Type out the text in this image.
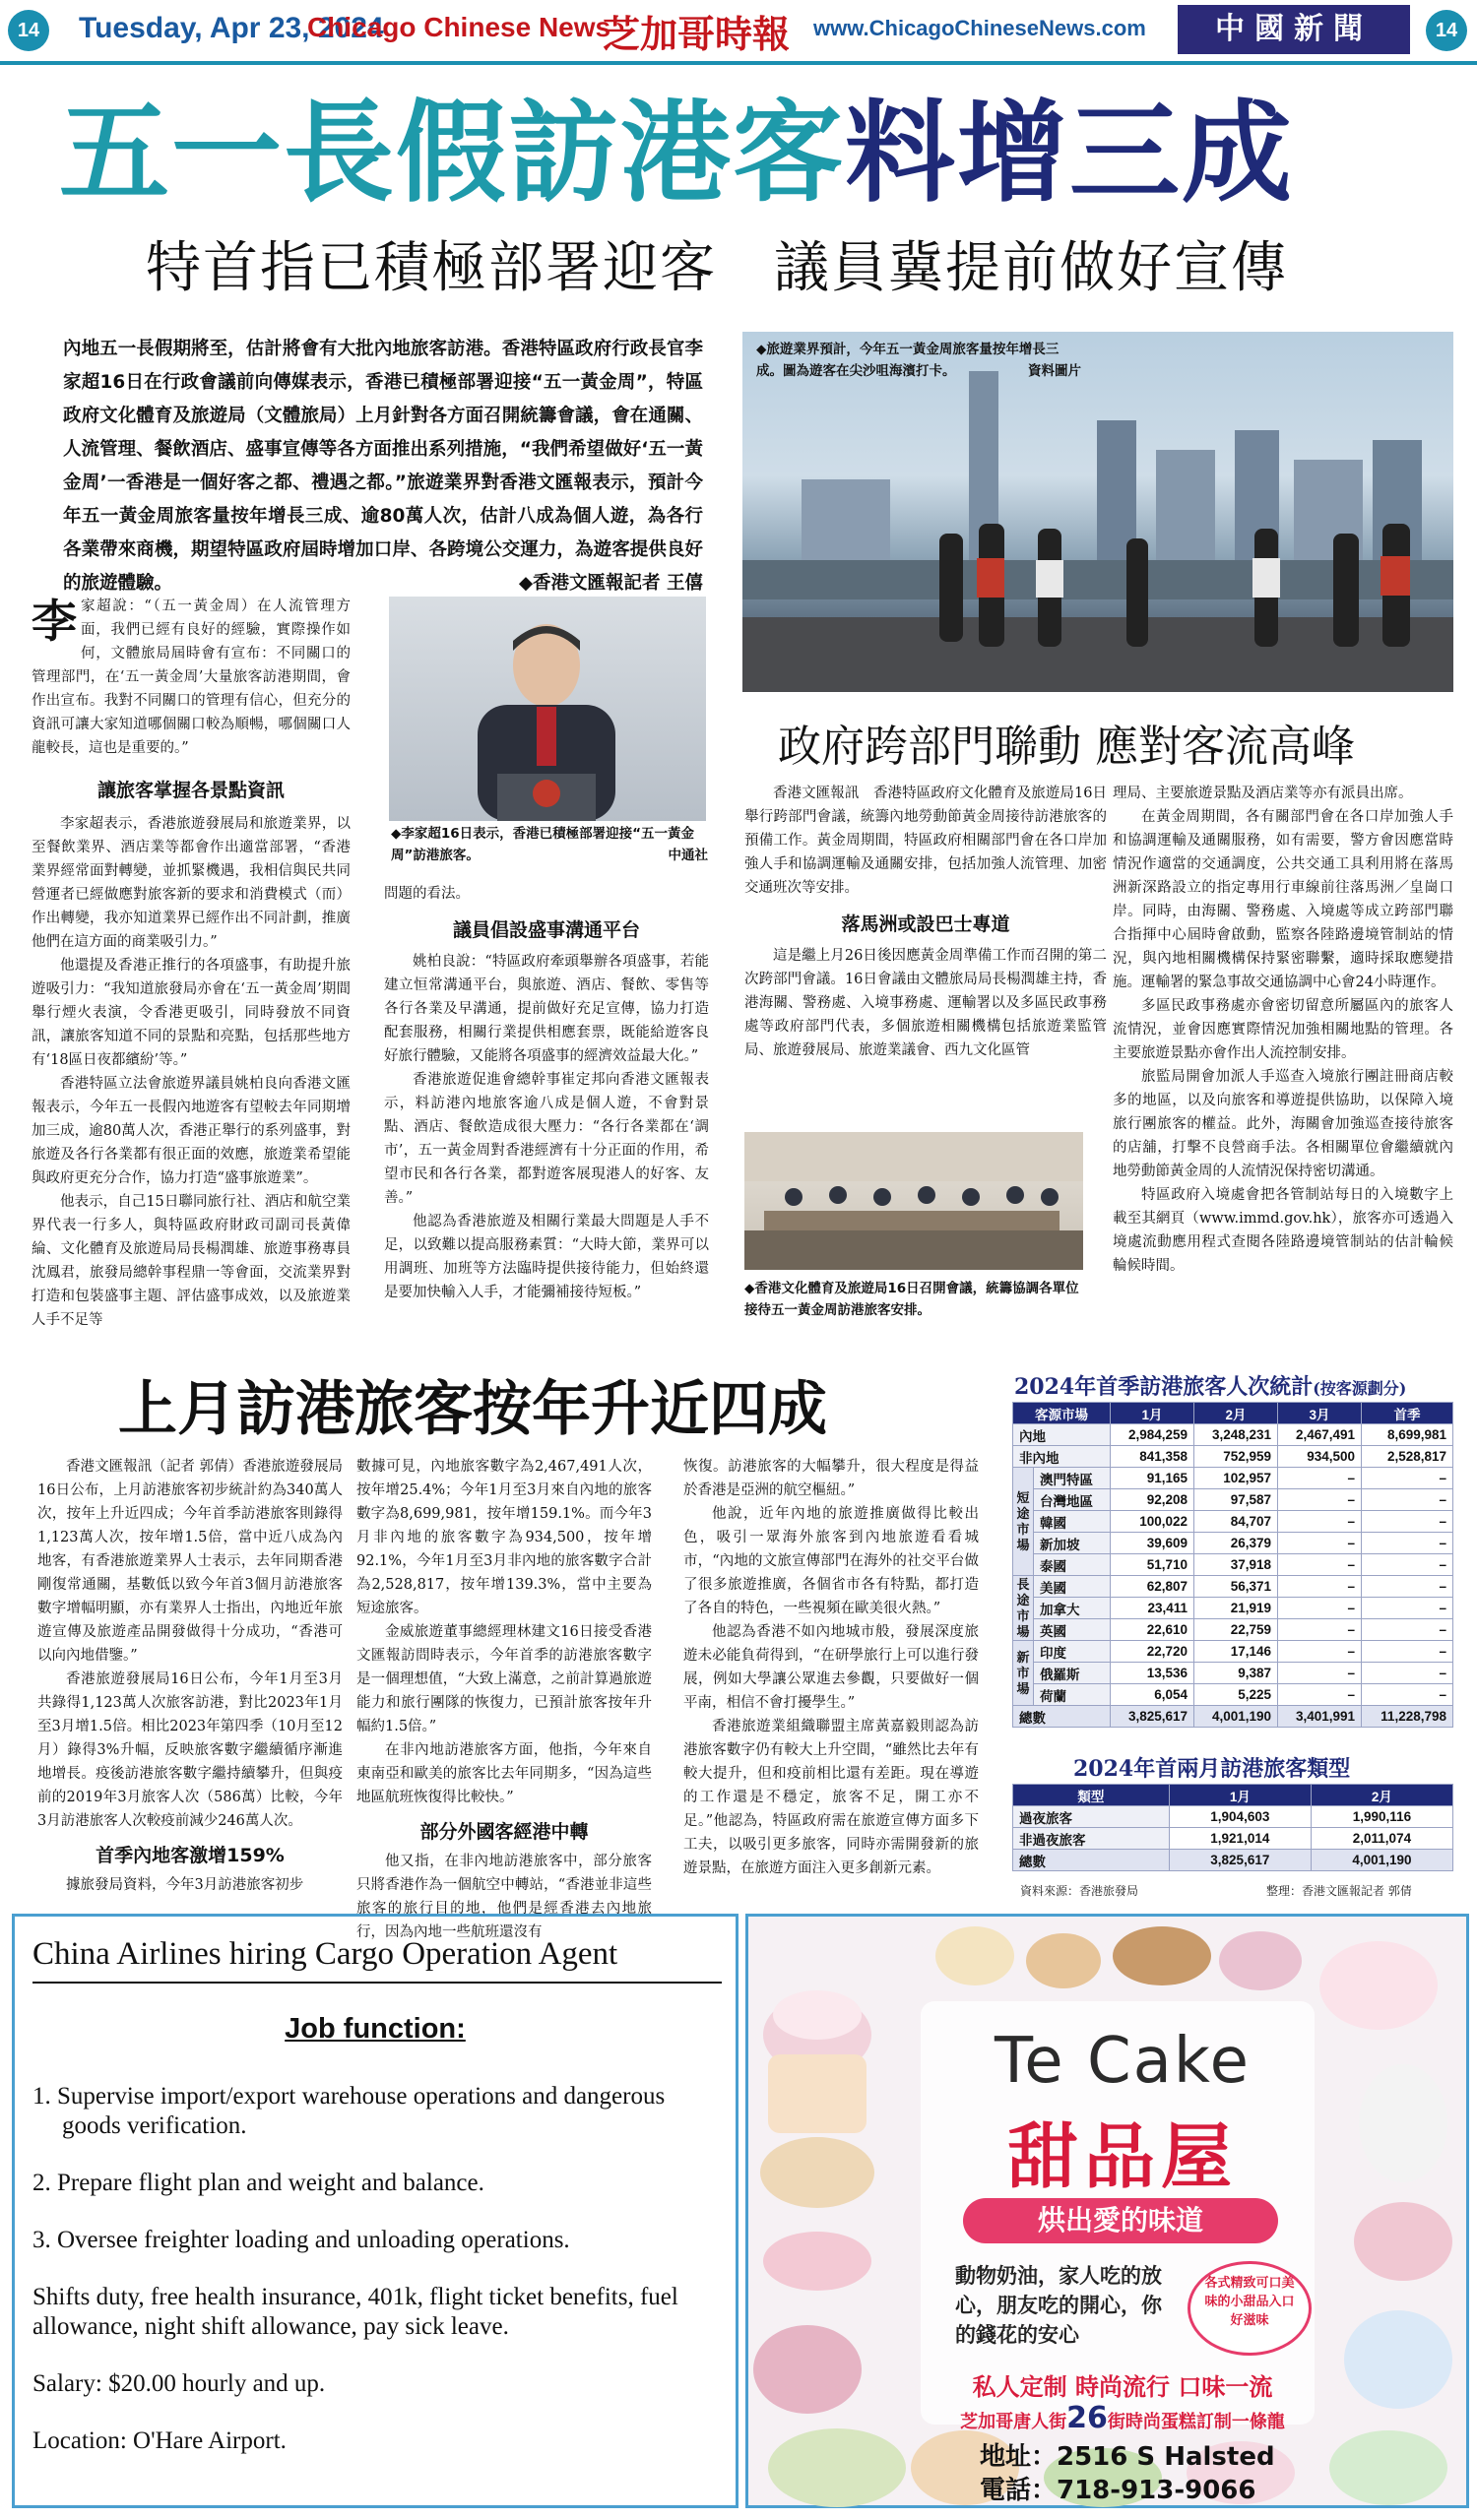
14	Tuesday, Apr 23, 2024
Chicago Chinese News
芝加哥時報 www.ChicagoChineseNews.com	中國新聞	14
五一長假訪港客料增三成
特首指已積極部署迎客　議員冀提前做好宣傳
內地五一長假期將至，估計將會有大批內地旅客訪港。香港特區政府行政長官李家超16日在行政會議前向傳媒表示，香港已積極部署迎接“五一黃金周”，特區政府文化體育及旅遊局（文體旅局）上月針對各方面召開統籌會議，會在通關、人流管理、餐飲酒店、盛事宣傳等各方面推出系列措施，“我們希望做好‘五一黃金周’一香港是一個好客之都、禮遇之都。”旅遊業界對香港文匯報表示，預計今年五一黃金周旅客量按年增長三成、逾80萬人次，估計八成為個人遊，為各行各業帶來商機，期望特區政府屆時增加口岸、各跨境公交運力，為遊客提供良好的旅遊體驗。	◆香港文匯報記者 王僖
◆旅遊業界預計，今年五一黃金周旅客量按年增長三成。圖為遊客在尖沙咀海濱打卡。	資料圖片
李家超說：“（五一黃金周）在人流管理方面，我們已經有良好的經驗，實際操作如何，文體旅局屆時會有宣布：不同關口的管理部門，在‘五一黃金周’大量旅客訪港期間，會作出宣布。我對不同關口的管理有信心，但充分的資訊可讓大家知道哪個關口較為順暢，哪個關口人龍較長，這也是重要的。”
讓旅客掌握各景點資訊

李家超表示，香港旅遊發展局和旅遊業界，以至餐飲業界、酒店業等都會作出適當部署，“香港業界經常面對轉變，並抓緊機遇，我相信與民共同營運者已經做應對旅客新的要求和消費模式（而）作出轉變，我亦知道業界已經作出不同計劃，推廣他們在這方面的商業吸引力。”

他還提及香港正推行的各項盛事，有助提升旅遊吸引力：“我知道旅發局亦會在‘五一黃金周’期間舉行煙火表演，令香港更吸引，同時發放不同資訊，讓旅客知道不同的景點和亮點，包括那些地方有‘18區日夜都繽紛’等。”

香港特區立法會旅遊界議員姚柏良向香港文匯報表示，今年五一長假內地遊客有望較去年同期增加三成，逾80萬人次，香港正舉行的系列盛事，對旅遊及各行各業都有很正面的效應，旅遊業希望能與政府更充分合作，協力打造“盛事旅遊業”。

他表示，自己15日聯同旅行社、酒店和航空業界代表一行多人，與特區政府財政司副司長黃偉綸、文化體育及旅遊局局長楊潤雄、旅遊事務專員沈鳳君，旅發局總幹事程鼎一等會面，交流業界對打造和包裝盛事主題、評估盛事成效，以及旅遊業人手不足等

◆李家超16日表示，香港已積極部署迎接“五一黃金周”訪港旅客。	中通社
問題的看法。
議員倡設盛事溝通平台

姚柏良說：“特區政府牽頭舉辦各項盛事，若能建立恒常溝通平台，與旅遊、酒店、餐飲、零售等各行各業及早溝通，提前做好充足宣傳，協力打造配套服務，相關行業提供相應套票，既能給遊客良好旅行體驗，又能將各項盛事的經濟效益最大化。”

香港旅遊促進會總幹事崔定邦向香港文匯報表示，料訪港內地旅客逾八成是個人遊，不會對景點、酒店、餐飲造成很大壓力：“各行各業都在‘調市’，五一黃金周對香港經濟有十分正面的作用，希望市民和各行各業，都對遊客展現港人的好客、友善。”

他認為香港旅遊及相關行業最大問題是人手不足，以致難以提高服務素質：“大時大節，業界可以用調班、加班等方法臨時提供接待能力，但始終還是要加快輸入人手，才能彌補接待短板。”

政府跨部門聯動 應對客流高峰

香港文匯報訊　香港特區政府文化體育及旅遊局16日舉行跨部門會議，統籌內地勞動節黃金周接待訪港旅客的預備工作。黃金周期間，特區政府相關部門會在各口岸加強人手和協調運輸及通關安排，包括加強人流管理、加密交通班次等安排。

落馬洲或設巴士專道

這是繼上月26日後因應黃金周準備工作而召開的第二次跨部門會議。16日會議由文體旅局局長楊潤雄主持，香港海關、警務處、入境事務處、運輸署以及多區民政事務處等政府部門代表，多個旅遊相關機構包括旅遊業監管局、旅遊發展局、旅遊業議會、西九文化區管

◆香港文化體育及旅遊局16日召開會議，統籌協調各單位接待五一黃金周訪港旅客安排。
理局、主要旅遊景點及酒店業等亦有派員出席。

在黃金周期間，各有關部門會在各口岸加強人手和協調運輸及通關服務，如有需要，警方會因應當時情況作適當的交通調度，公共交通工具利用將在落馬洲新深路設立的指定專用行車線前往落馬洲／皇崗口岸。同時，由海關、警務處、入境處等成立跨部門聯合指揮中心屆時會啟動，監察各陸路邊境管制站的情況，與內地相關機構保持緊密聯繫，適時採取應變措施。運輸署的緊急事故交通協調中心會24小時運作。

多區民政事務處亦會密切留意所屬區內的旅客人流情況，並會因應實際情況加強相關地點的管理。各主要旅遊景點亦會作出人流控制安排。

旅監局開會加派人手巡查入境旅行團註冊商店較多的地區，以及向旅客和導遊提供協助，以保障入境旅行團旅客的權益。此外，海關會加強巡查接待旅客的店舖，打擊不良營商手法。各相關單位會繼續就內地勞動節黃金周的人流情況保持密切溝通。

特區政府入境處會把各管制站每日的入境數字上載至其網頁（www.immd.gov.hk），旅客亦可透過入境處流動應用程式查閱各陸路邊境管制站的估計輪候輪候時間。

上月訪港旅客按年升近四成

香港文匯報訊（記者 郭倩）香港旅遊發展局16日公布，上月訪港旅客初步統計約為340萬人次，按年上升近四成；今年首季訪港旅客則錄得1,123萬人次，按年增1.5倍，當中近八成為內地客，有香港旅遊業界人士表示，去年同期香港剛復常通關，基數低以致今年首3個月訪港旅客數字增幅明顯，亦有業界人士指出，內地近年旅遊宣傳及旅遊產品開發做得十分成功，“香港可以向內地借鑒。”

香港旅遊發展局16日公布，今年1月至3月共錄得1,123萬人次旅客訪港，對比2023年1月至3月增1.5倍。相比2023年第四季（10月至12月）錄得3%升幅，反映旅客數字繼續循序漸進地增長。疫後訪港旅客數字繼持續攀升，但與疫前的2019年3月旅客人次（586萬）比較，今年3月訪港旅客人次較疫前減少246萬人次。

首季內地客激增159%

據旅發局資料，今年3月訪港旅客初步

數據可見，內地旅客數字為2,467,491人次，按年增25.4%；今年1月至3月來自內地的旅客數字為8,699,981，按年增159.1%。而今年3月非內地的旅客數字為934,500，按年增92.1%，今年1月至3月非內地的旅客數字合計為2,528,817，按年增139.3%，當中主要為短途旅客。

金威旅遊董事總經理林建文16日接受香港文匯報訪問時表示，今年首季的訪港旅客數字是一個理想值，“大致上滿意，之前計算過旅遊能力和旅行團隊的恢復力，已預計旅客按年升幅約1.5倍。”

在非內地訪港旅客方面，他指，今年來自東南亞和歐美的旅客比去年同期多，“因為這些地區航班恢復得比較快。”

部分外國客經港中轉

他又指，在非內地訪港旅客中，部分旅客只將香港作為一個航空中轉站，“香港並非這些旅客的旅行目的地，他們是經香港去內地旅行，因為內地一些航班還沒有

恢復。訪港旅客的大幅攀升，很大程度是得益於香港是亞洲的航空樞紐。”

他說，近年內地的旅遊推廣做得比較出色，吸引一眾海外旅客到內地旅遊看看城市，“內地的文旅宣傳部門在海外的社交平台做了很多旅遊推廣，各個省市各有特點，都打造了各自的特色，一些視頻在歐美很火熱。”

他認為香港不如內地城市般，發展深度旅遊未必能負荷得到，“在研學旅行上可以進行發展，例如大學讓公眾進去參觀，只要做好一個平南，相信不會打擾學生。”

香港旅遊業組織聯盟主席黃嘉毅則認為訪港旅客數字仍有較大上升空間，“雖然比去年有較大提升，但和疫前相比還有差距。現在導遊的工作還是不穩定，旅客不足，開工亦不足。”他認為，特區政府需在旅遊宣傳方面多下工夫，以吸引更多旅客，同時亦需開發新的旅遊景點，在旅遊方面注入更多創新元素。

2024年首季訪港旅客人次統計(按客源劃分)
客源市場		1月	2月	3月	首季
內地		2,984,259	3,248,231	2,467,491	8,699,981
非內地		841,358	752,959	934,500	2,528,817
短途市場	澳門特區	91,165	102,957	–	–
	台灣地區	92,208	97,587	–	–
	韓國	100,022	84,707	–	–
	新加坡	39,609	26,379	–	–
	泰國	51,710	37,918	–	–
長途市場	美國	62,807	56,371	–	–
	加拿大	23,411	21,919	–	–
	英國	22,610	22,759	–	–
新市場	印度	22,720	17,146	–	–
	俄羅斯	13,536	9,387	–	–
	荷蘭	6,054	5,225	–	–
總數		3,825,617	4,001,190	3,401,991	11,228,798
2024年首兩月訪港旅客類型
類型	1月	2月
過夜旅客	1,904,603	1,990,116
非過夜旅客	1,921,014	2,011,074
總數	3,825,617	4,001,190
資料來源：香港旅發局	整理：香港文匯報記者 郭倩
China Airlines hiring Cargo Operation Agent
Job function:
1. Supervise import/export warehouse operations and dangerous goods verification.
2. Prepare flight plan and weight and balance.
3. Oversee freighter loading and unloading operations.
Shifts duty, free health insurance, 401k, flight ticket benefits, fuel allowance, night shift allowance, pay sick leave.
Salary: $20.00 hourly and up.
Location: O'Hare Airport.
Te Cake
甜品屋
烘出愛的味道
動物奶油，家人吃的放心，朋友吃的開心，你的錢花的安心
各式精致可口美味的小甜品入口好滋味
私人定制 時尚流行 口味一流
芝加哥唐人街26街時尚蛋糕訂制一條龍
地址：2516 S Halsted
電話：718-913-9066
